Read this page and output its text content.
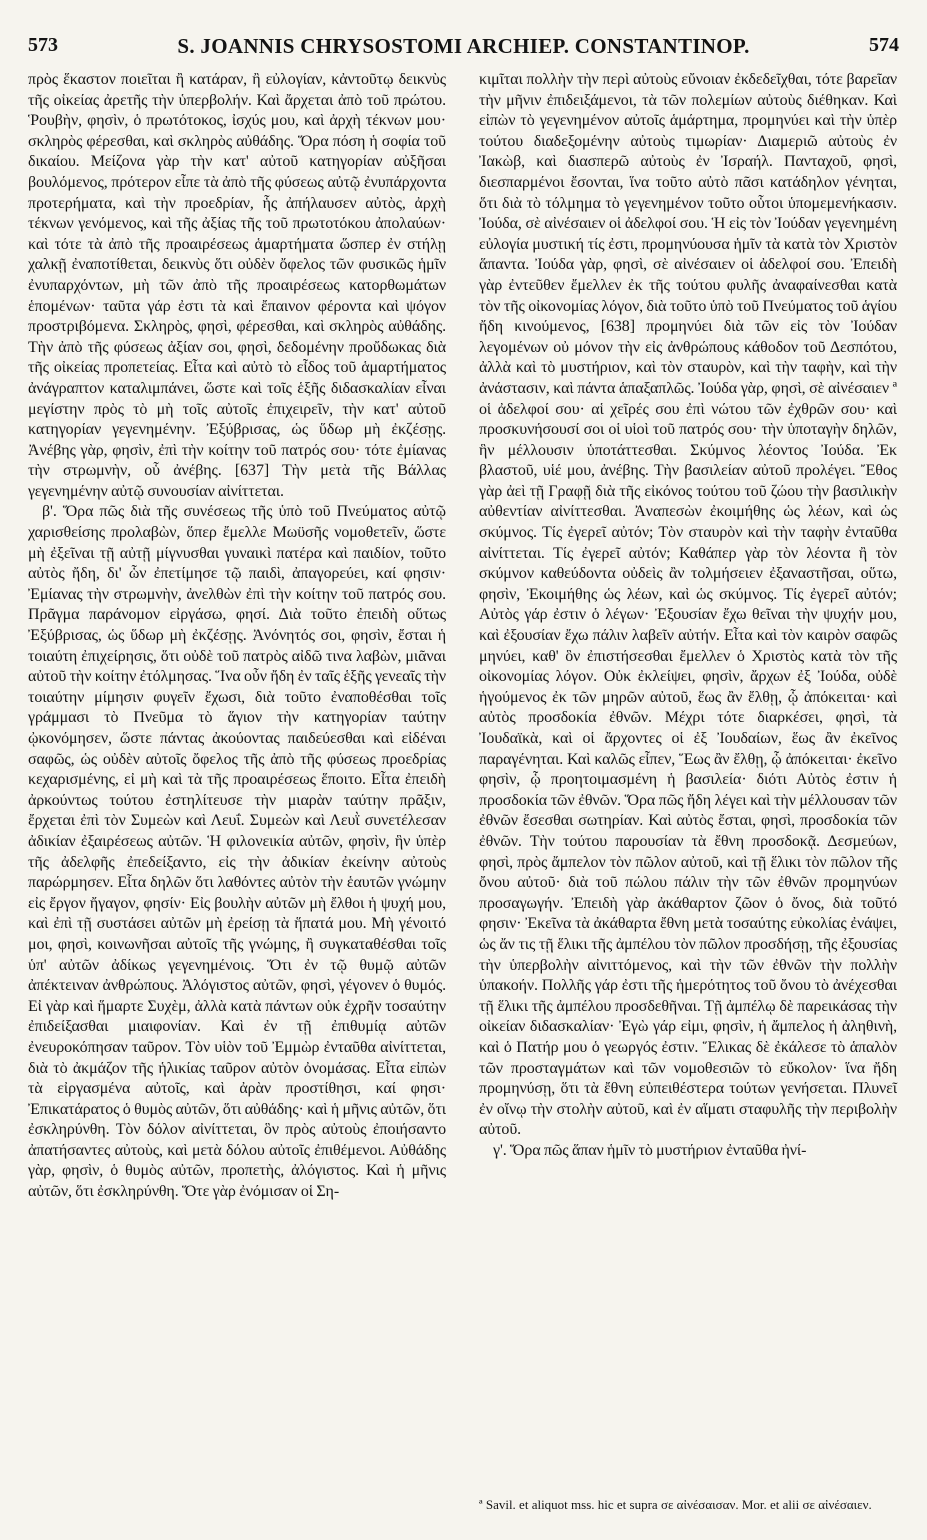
573	S. JOANNIS CHRYSOSTOMI ARCHIEP. CONSTANTINOP.	574

πρὸς ἕκαστον ποιεῖται ἢ κατάραν, ἢ εὐλογίαν, κἀντοῦτῳ δεικνὺς τῆς οἰκείας ἀρετῆς τὴν ὑπερβολήν. Καὶ ἄρχεται ἀπὸ τοῦ πρώτου. Ῥουβὴν, φησὶν, ὁ πρωτότοκος, ἰσχύς μου, καὶ ἀρχὴ τέκνων μου· σκληρὸς φέρεσθαι, καὶ σκληρὸς αὐθάδης. Ὅρα πόση ἡ σοφία τοῦ δικαίου. Μείζονα γὰρ τὴν κατ' αὐτοῦ κατηγορίαν αὐξῆσαι βουλόμενος, πρότερον εἶπε τὰ ἀπὸ τῆς φύσεως αὐτῷ ἐνυπάρχοντα προτερήματα, καὶ τὴν προεδρίαν, ἧς ἀπήλαυσεν αὐτὸς, ἀρχὴ τέκνων γενόμενος, καὶ τῆς ἀξίας τῆς τοῦ πρωτοτόκου ἀπολαύων· καὶ τότε τὰ ἀπὸ τῆς προαιρέσεως ἁμαρτήματα ὥσπερ ἐν στήλῃ χαλκῇ ἐναποτίθεται, δεικνὺς ὅτι οὐδὲν ὄφελος τῶν φυσικῶς ἡμῖν ἐνυπαρχόντων, μὴ τῶν ἀπὸ τῆς προαιρέσεως κατορθωμάτων ἑπομένων· ταῦτα γάρ ἐστι τὰ καὶ ἔπαινον φέροντα καὶ ψόγον προστριβόμενα. Σκληρὸς, φησὶ, φέρεσθαι, καὶ σκληρὸς αὐθάδης. Τὴν ἀπὸ τῆς φύσεως ἀξίαν σοι, φησὶ, δεδομένην προὔδωκας διὰ τῆς οἰκείας προπετείας. Εἶτα καὶ αὐτὸ τὸ εἶδος τοῦ ἁμαρτήματος ἀνάγραπτον καταλιμπάνει, ὥστε καὶ τοῖς ἑξῆς διδασκαλίαν εἶναι μεγίστην πρὸς τὸ μὴ τοῖς αὐτοῖς ἐπιχειρεῖν, τὴν κατ' αὐτοῦ κατηγορίαν γεγενημένην. Ἐξύβρισας, ὡς ὕδωρ μὴ ἐκζέσῃς. Ἀνέβης γὰρ, φησὶν, ἐπὶ τὴν κοίτην τοῦ πατρός σου· τότε ἐμίανας τὴν στρωμνὴν, οὗ ἀνέβης. [637] Τὴν μετὰ τῆς Βάλλας γεγενημένην αὐτῷ συνουσίαν αἰνίττεται.

β'. Ὅρα πῶς διὰ τῆς συνέσεως τῆς ὑπὸ τοῦ Πνεύματος αὐτῷ χαρισθείσης προλαβὼν, ὅπερ ἔμελλε Μωϋσῆς νομοθετεῖν, ὥστε μὴ ἐξεῖναι τῇ αὐτῇ μίγνυσθαι γυναικὶ πατέρα καὶ παιδίον, τοῦτο αὐτὸς ἤδη, δι' ὧν ἐπετίμησε τῷ παιδὶ, ἀπαγορεύει, καί φησιν· Ἐμίανας τὴν στρωμνὴν, ἀνελθὼν ἐπὶ τὴν κοίτην τοῦ πατρός σου. Πρᾶγμα παράνομον εἰργάσω, φησί. Διὰ τοῦτο ἐπειδὴ οὕτως Ἐξύβρισας, ὡς ὕδωρ μὴ ἐκζέσῃς. Ἀνόνητός σοι, φησὶν, ἔσται ἡ τοιαύτη ἐπιχείρησις, ὅτι οὐδὲ τοῦ πατρὸς αἰδῶ τινα λαβὼν, μιᾶναι αὐτοῦ τὴν κοίτην ἐτόλμησας. Ἵνα οὖν ἤδη ἐν ταῖς ἑξῆς γενεαῖς τὴν τοιαύτην μίμησιν φυγεῖν ἔχωσι, διὰ τοῦτο ἐναποθέσθαι τοῖς γράμμασι τὸ Πνεῦμα τὸ ἅγιον τὴν κατηγορίαν ταύτην ᾠκονόμησεν, ὥστε πάντας ἀκούοντας παιδεύεσθαι καὶ εἰδέναι σαφῶς, ὡς οὐδὲν αὐτοῖς ὄφελος τῆς ἀπὸ τῆς φύσεως προεδρίας κεχαρισμένης, εἰ μὴ καὶ τὰ τῆς προαιρέσεως ἕποιτο. Εἶτα ἐπειδὴ ἀρκούντως τούτου ἐστηλίτευσε τὴν μιαρὰν ταύτην πρᾶξιν, ἔρχεται ἐπὶ τὸν Συμεὼν καὶ Λευΐ. Συμεὼν καὶ Λευῒ συνετέλεσαν ἀδικίαν ἐξαιρέσεως αὐτῶν. Ἡ φιλονεικία αὐτῶν, φησὶν, ἣν ὑπὲρ τῆς ἀδελφῆς ἐπεδείξαντο, εἰς τὴν ἀδικίαν ἐκείνην αὐτοὺς παρώρμησεν. Εἶτα δηλῶν ὅτι λαθόντες αὐτὸν τὴν ἑαυτῶν γνώμην εἰς ἔργον ἤγαγον, φησίν· Εἰς βουλὴν αὐτῶν μὴ ἔλθοι ἡ ψυχή μου, καὶ ἐπὶ τῇ συστάσει αὐτῶν μὴ ἐρείσῃ τὰ ἥπατά μου. Μὴ γένοιτό μοι, φησὶ, κοινωνῆσαι αὐτοῖς τῆς γνώμης, ἢ συγκαταθέσθαι τοῖς ὑπ' αὐτῶν ἀδίκως γεγενημένοις. Ὅτι ἐν τῷ θυμῷ αὐτῶν ἀπέκτειναν ἀνθρώπους. Ἀλόγιστος αὐτῶν, φησὶ, γέγονεν ὁ θυμός. Εἰ γὰρ καὶ ἥμαρτε Συχὲμ, ἀλλὰ κατὰ πάντων οὐκ ἐχρῆν τοσαύτην ἐπιδείξασθαι μιαιφονίαν. Καὶ ἐν τῇ ἐπιθυμίᾳ αὐτῶν ἐνευροκόπησαν ταῦρον. Τὸν υἱὸν τοῦ Ἐμμὼρ ἐνταῦθα αἰνίττεται, διὰ τὸ ἀκμάζον τῆς ἡλικίας ταῦρον αὐτὸν ὀνομάσας. Εἶτα εἰπὼν τὰ εἰργασμένα αὐτοῖς, καὶ ἀρὰν προστίθησι, καί φησι· Ἐπικατάρατος ὁ θυμὸς αὐτῶν, ὅτι αὐθάδης· καὶ ἡ μῆνις αὐτῶν, ὅτι ἐσκληρύνθη. Τὸν δόλον αἰνίττεται, ὃν πρὸς αὐτοὺς ἐποιήσαντο ἀπατήσαντες αὐτοὺς, καὶ μετὰ δόλου αὐτοῖς ἐπιθέμενοι. Αὐθάδης γὰρ, φησὶν, ὁ θυμὸς αὐτῶν, προπετὴς, ἀλόγιστος. Καὶ ἡ μῆνις αὐτῶν, ὅτι ἐσκληρύνθη. Ὅτε γὰρ ἐνόμισαν οἱ Ση-

κιμῖται πολλὴν τὴν περὶ αὐτοὺς εὔνοιαν ἐκδεδεῖχθαι, τότε βαρεῖαν τὴν μῆνιν ἐπιδειξάμενοι, τὰ τῶν πολεμίων αὐτοὺς διέθηκαν. Καὶ εἰπὼν τὸ γεγενημένον αὐτοῖς ἁμάρτημα, προμηνύει καὶ τὴν ὑπὲρ τούτου διαδεξομένην αὐτοὺς τιμωρίαν· Διαμεριῶ αὐτοὺς ἐν Ἰακὼβ, καὶ διασπερῶ αὐτοὺς ἐν Ἰσραήλ. Πανταχοῦ, φησὶ, διεσπαρμένοι ἔσονται, ἵνα τοῦτο αὐτὸ πᾶσι κατάδηλον γένηται, ὅτι διὰ τὸ τόλμημα τὸ γεγενημένον τοῦτο οὗτοι ὑπομεμενήκασιν. Ἰούδα, σὲ αἰνέσαιεν οἱ ἀδελφοί σου. Ἡ εἰς τὸν Ἰούδαν γεγενημένη εὐλογία μυστική τίς ἐστι, προμηνύουσα ἡμῖν τὰ κατὰ τὸν Χριστὸν ἅπαντα. Ἰούδα γὰρ, φησὶ, σὲ αἰνέσαιεν οἱ ἀδελφοί σου. Ἐπειδὴ γὰρ ἐντεῦθεν ἔμελλεν ἐκ τῆς τούτου φυλῆς ἀναφαίνεσθαι κατὰ τὸν τῆς οἰκονομίας λόγον, διὰ τοῦτο ὑπὸ τοῦ Πνεύματος τοῦ ἁγίου ἤδη κινούμενος, [638] προμηνύει διὰ τῶν εἰς τὸν Ἰούδαν λεγομένων οὐ μόνον τὴν εἰς ἀνθρώπους κάθοδον τοῦ Δεσπότου, ἀλλὰ καὶ τὸ μυστήριον, καὶ τὸν σταυρὸν, καὶ τὴν ταφὴν, καὶ τὴν ἀνάστασιν, καὶ πάντα ἁπαξαπλῶς. Ἰούδα γὰρ, φησὶ, σὲ αἰνέσαιεν ª οἱ ἀδελφοί σου· αἱ χεῖρές σου ἐπὶ νώτου τῶν ἐχθρῶν σου· καὶ προσκυνήσουσί σοι οἱ υἱοὶ τοῦ πατρός σου· τὴν ὑποταγὴν δηλῶν, ἣν μέλλουσιν ὑποτάττεσθαι. Σκύμνος λέοντος Ἰούδα. Ἐκ βλαστοῦ, υἱέ μου, ἀνέβης. Τὴν βασιλείαν αὐτοῦ προλέγει. Ἔθος γὰρ ἀεὶ τῇ Γραφῇ διὰ τῆς εἰκόνος τούτου τοῦ ζώου τὴν βασιλικὴν αὐθεντίαν αἰνίττεσθαι. Ἀναπεσὼν ἐκοιμήθης ὡς λέων, καὶ ὡς σκύμνος. Τίς ἐγερεῖ αὐτόν; Τὸν σταυρὸν καὶ τὴν ταφὴν ἐνταῦθα αἰνίττεται. Τίς ἐγερεῖ αὐτόν; Καθάπερ γὰρ τὸν λέοντα ἢ τὸν σκύμνον καθεύδοντα οὐδεὶς ἂν τολμήσειεν ἐξαναστῆσαι, οὕτω, φησὶν, Ἐκοιμήθης ὡς λέων, καὶ ὡς σκύμνος. Τίς ἐγερεῖ αὐτόν; Αὐτὸς γάρ ἐστιν ὁ λέγων· Ἐξουσίαν ἔχω θεῖναι τὴν ψυχήν μου, καὶ ἐξουσίαν ἔχω πάλιν λαβεῖν αὐτήν. Εἶτα καὶ τὸν καιρὸν σαφῶς μηνύει, καθ' ὃν ἐπιστήσεσθαι ἔμελλεν ὁ Χριστὸς κατὰ τὸν τῆς οἰκονομίας λόγον. Οὐκ ἐκλείψει, φησὶν, ἄρχων ἐξ Ἰούδα, οὐδὲ ἡγούμενος ἐκ τῶν μηρῶν αὐτοῦ, ἕως ἂν ἔλθῃ, ᾧ ἀπόκειται· καὶ αὐτὸς προσδοκία ἐθνῶν. Μέχρι τότε διαρκέσει, φησὶ, τὰ Ἰουδαϊκὰ, καὶ οἱ ἄρχοντες οἱ ἐξ Ἰουδαίων, ἕως ἂν ἐκεῖνος παραγένηται. Καὶ καλῶς εἶπεν, Ἕως ἂν ἔλθῃ, ᾧ ἀπόκειται· ἐκεῖνο φησὶν, ᾧ προητοιμασμένη ἡ βασιλεία· διότι Αὐτὸς ἐστιν ἡ προσδοκία τῶν ἐθνῶν. Ὅρα πῶς ἤδη λέγει καὶ τὴν μέλλουσαν τῶν ἐθνῶν ἔσεσθαι σωτηρίαν. Καὶ αὐτὸς ἔσται, φησὶ, προσδοκία τῶν ἐθνῶν. Τὴν τούτου παρουσίαν τὰ ἔθνη προσδοκᾷ. Δεσμεύων, φησὶ, πρὸς ἄμπελον τὸν πῶλον αὐτοῦ, καὶ τῇ ἕλικι τὸν πῶλον τῆς ὄνου αὐτοῦ· διὰ τοῦ πώλου πάλιν τὴν τῶν ἐθνῶν προμηνύων προσαγωγήν. Ἐπειδὴ γὰρ ἀκάθαρτον ζῶον ὁ ὄνος, διὰ τοῦτό φησιν· Ἐκεῖνα τὰ ἀκάθαρτα ἔθνη μετὰ τοσαύτης εὐκολίας ἐνάψει, ὡς ἄν τις τῇ ἕλικι τῆς ἀμπέλου τὸν πῶλον προσδήσῃ, τῆς ἐξουσίας τὴν ὑπερβολὴν αἰνιττόμενος, καὶ τὴν τῶν ἐθνῶν τὴν πολλὴν ὑπακοήν. Πολλῆς γάρ ἐστι τῆς ἡμερότητος τοῦ ὄνου τὸ ἀνέχεσθαι τῇ ἕλικι τῆς ἀμπέλου προσδεθῆναι. Τῇ ἀμπέλῳ δὲ παρεικάσας τὴν οἰκείαν διδασκαλίαν· Ἐγὼ γάρ εἰμι, φησὶν, ἡ ἄμπελος ἡ ἀληθινὴ, καὶ ὁ Πατήρ μου ὁ γεωργός ἐστιν. Ἕλικας δὲ ἐκάλεσε τὸ ἁπαλὸν τῶν προσταγμάτων καὶ τῶν νομοθεσιῶν τὸ εὔκολον· ἵνα ἤδη προμηνύσῃ, ὅτι τὰ ἔθνη εὐπειθέστερα τούτων γενήσεται. Πλυνεῖ ἐν οἴνῳ τὴν στολὴν αὐτοῦ, καὶ ἐν αἵματι σταφυλῆς τὴν περιβολὴν αὐτοῦ.

γ'. Ὅρα πῶς ἅπαν ἡμῖν τὸ μυστήριον ἐνταῦθα ἠνί-

ª Savil. et aliquot mss. hic et supra σε αἰνέσαισαν. Mor. et alii σε αἰνέσαιεν.
